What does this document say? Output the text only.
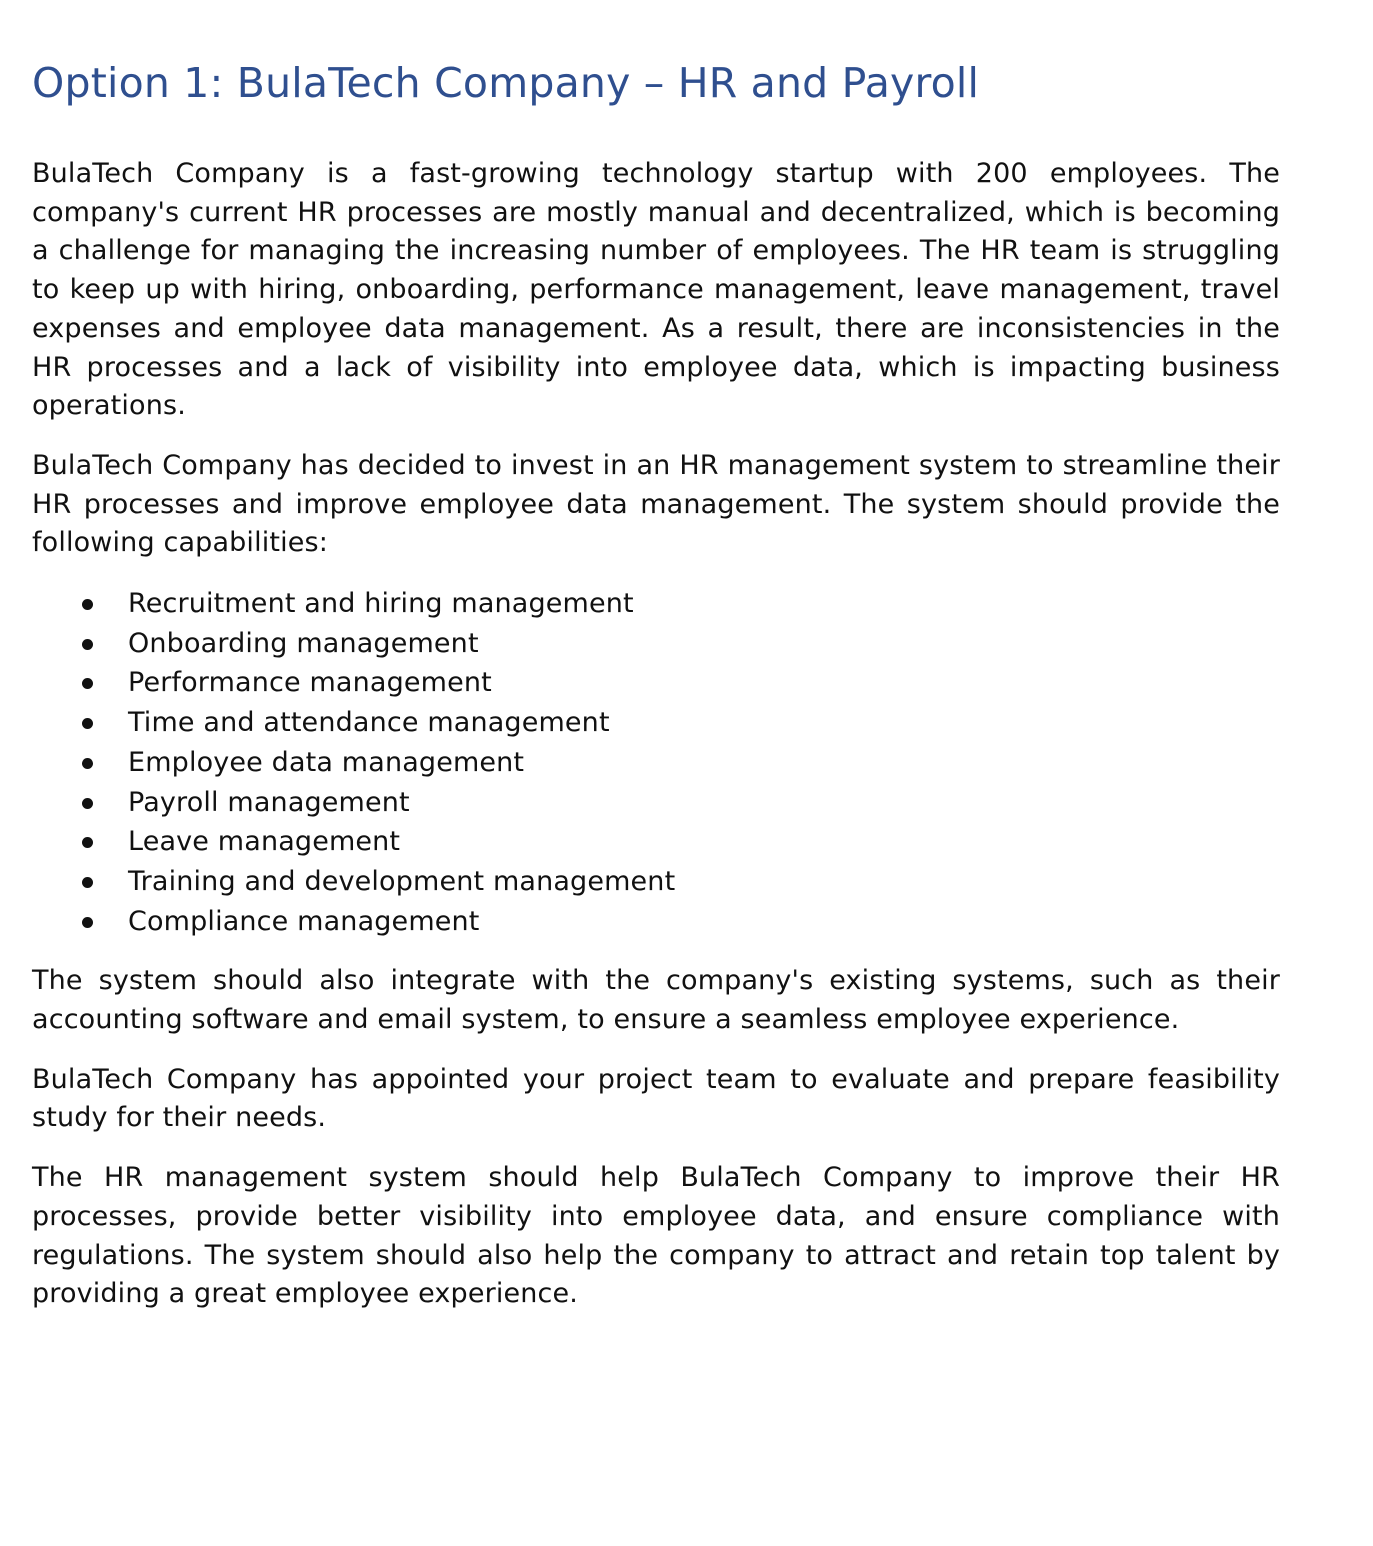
Option 1: BulaTech Company – HR and Payroll

BulaTech Company is a fast-growing technology startup with 200 employees. The company's current HR processes are mostly manual and decentralized, which is becoming a challenge for managing the increasing number of employees. The HR team is struggling to keep up with hiring, onboarding, performance management, leave management, travel expenses and employee data management. As a result, there are inconsistencies in the HR processes and a lack of visibility into employee data, which is impacting business operations.

BulaTech Company has decided to invest in an HR management system to streamline their HR processes and improve employee data management. The system should provide the following capabilities:

Recruitment and hiring management
Onboarding management
Performance management
Time and attendance management
Employee data management
Payroll management
Leave management
Training and development management
Compliance management

The system should also integrate with the company's existing systems, such as their accounting software and email system, to ensure a seamless employee experience.

BulaTech Company has appointed your project team to evaluate and prepare feasibility study for their needs.

The HR management system should help BulaTech Company to improve their HR processes, provide better visibility into employee data, and ensure compliance with regulations. The system should also help the company to attract and retain top talent by providing a great employee experience.
